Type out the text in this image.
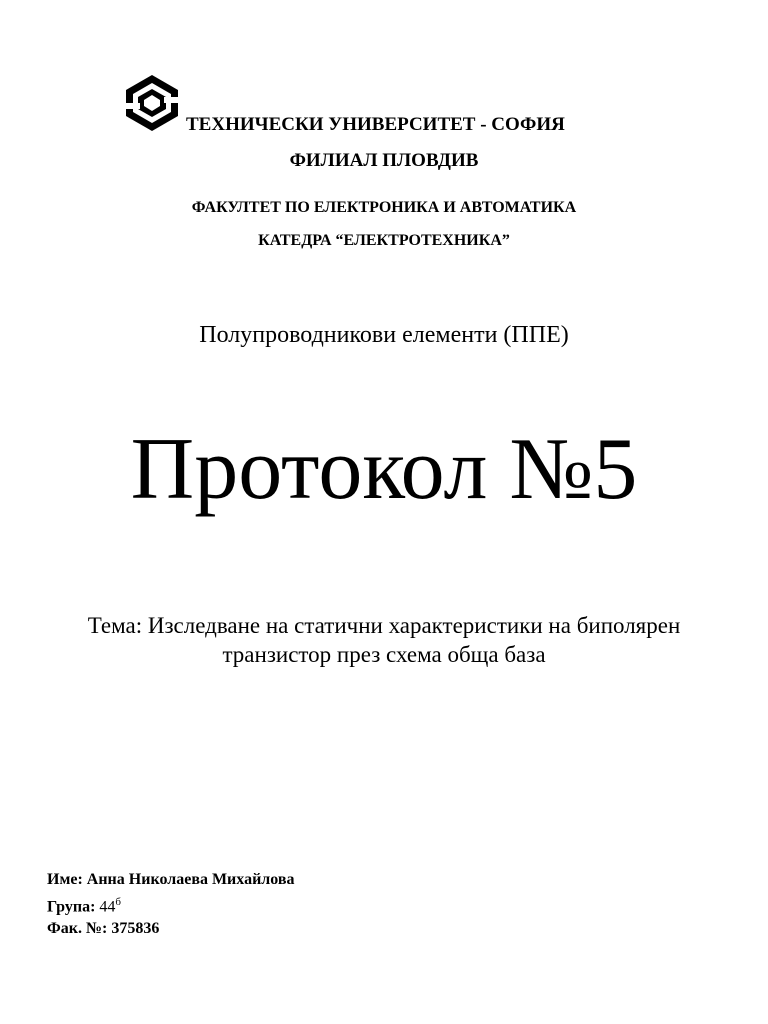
ТЕХНИЧЕСКИ УНИВЕРСИТЕТ - СОФИЯ
ФИЛИАЛ ПЛОВДИВ
ФАКУЛТЕТ ПО ЕЛЕКТРОНИКА И АВТОМАТИКА
КАТЕДРА “ЕЛЕКТРОТЕХНИКА”
Полупроводникови елементи (ППЕ)
Протокол №5
Тема: Изследване на статични характеристики на биполярен
транзистор през схема обща база
Име: Анна Николаева Михайлова
Група: $44^б$
Фак. №: 375836
